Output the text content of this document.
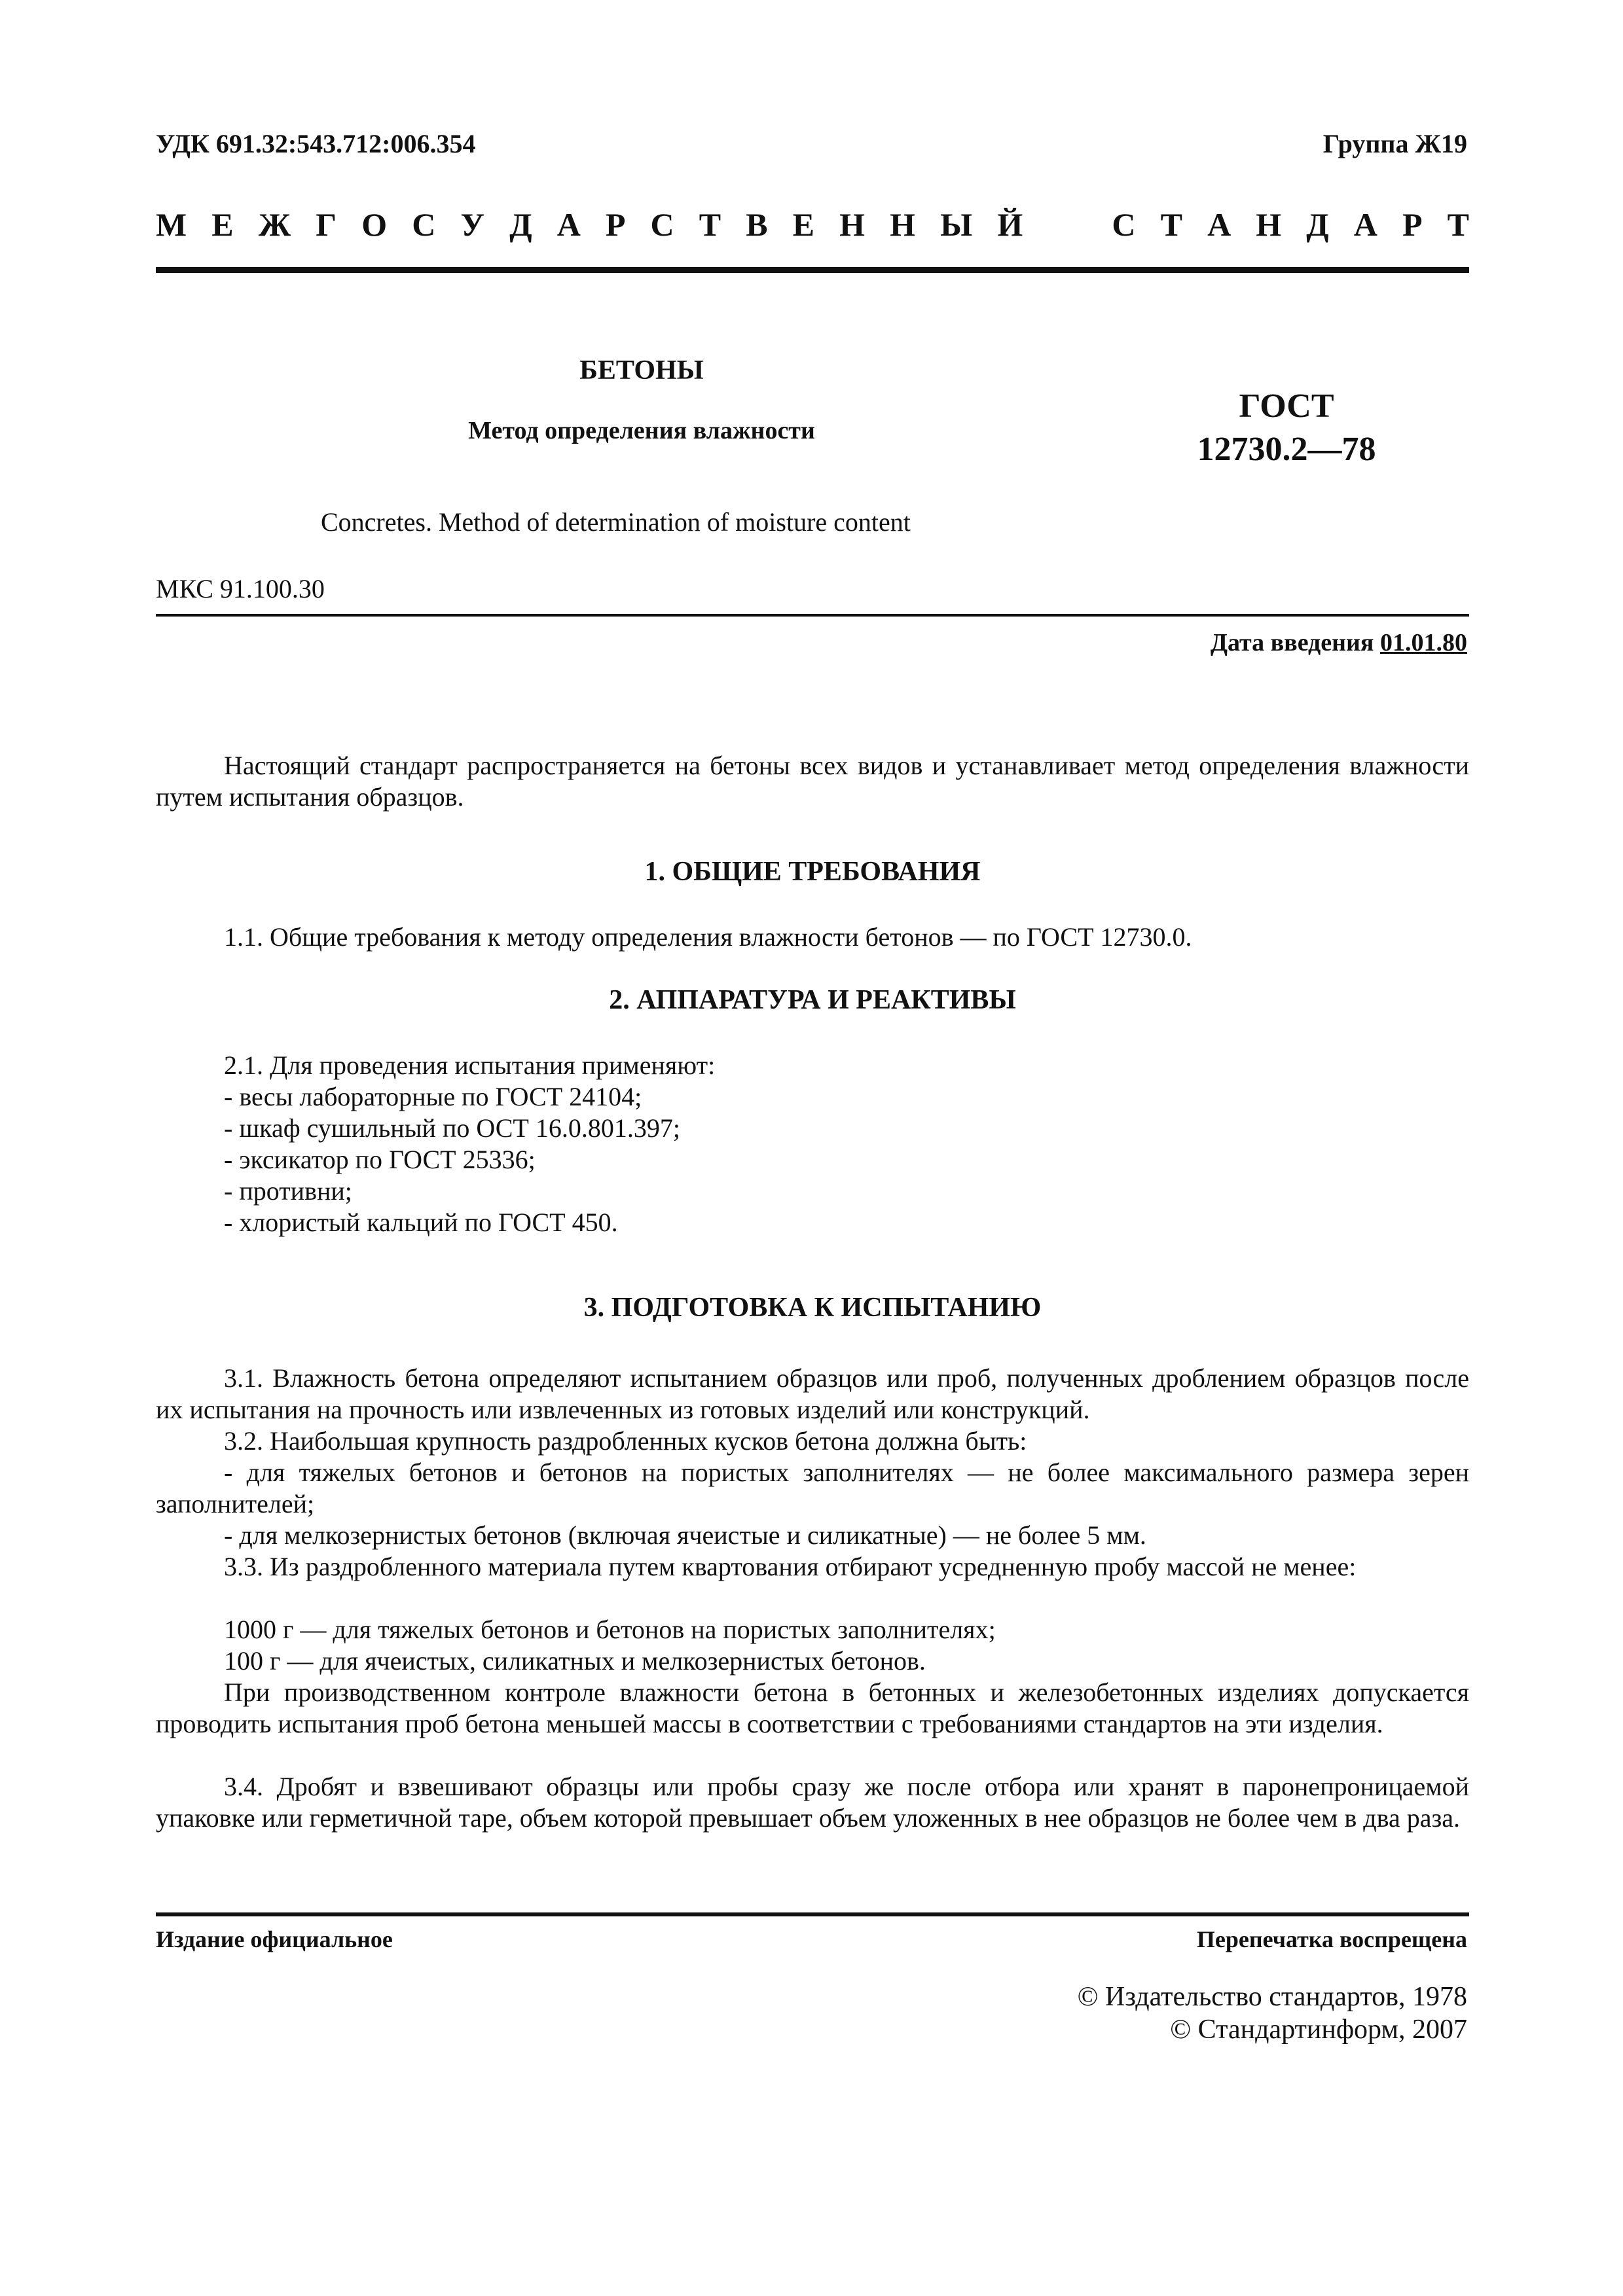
УДК 691.32:543.712:006.354	Группа Ж19
М Е Ж Г О С У Д А Р С Т В Е Н Н Ы Й	С Т А Н Д А Р Т
БЕТОНЫ
Метод определения влажности
ГОСТ
12730.2—78
Concretes. Method of determination of moisture content
МКС 91.100.30
Дата введения 01.01.80
Настоящий стандарт распространяется на бетоны всех видов и устанавливает метод определения влажности путем испытания образцов.
1. ОБЩИЕ ТРЕБОВАНИЯ
1.1. Общие требования к методу определения влажности бетонов — по ГОСТ 12730.0.
2. АППАРАТУРА И РЕАКТИВЫ
2.1. Для проведения испытания применяют:
- весы лабораторные по ГОСТ 24104;
- шкаф сушильный по ОСТ 16.0.801.397;
- эксикатор по ГОСТ 25336;
- противни;
- хлористый кальций по ГОСТ 450.
3. ПОДГОТОВКА К ИСПЫТАНИЮ
3.1. Влажность бетона определяют испытанием образцов или проб, полученных дроблением образцов после их испытания на прочность или извлеченных из готовых изделий или конструкций.
3.2. Наибольшая крупность раздробленных кусков бетона должна быть:
- для тяжелых бетонов и бетонов на пористых заполнителях — не более максимального размера зерен заполнителей;
- для мелкозернистых бетонов (включая ячеистые и силикатные) — не более 5 мм.
3.3. Из раздробленного материала путем квартования отбирают усредненную пробу массой не менее:
1000 г — для тяжелых бетонов и бетонов на пористых заполнителях;
100 г — для ячеистых, силикатных и мелкозернистых бетонов.
При производственном контроле влажности бетона в бетонных и железобетонных изделиях допускается проводить испытания проб бетона меньшей массы в соответствии с требованиями стандартов на эти изделия.
3.4. Дробят и взвешивают образцы или пробы сразу же после отбора или хранят в паронепроницаемой упаковке или герметичной таре, объем которой превышает объем уложенных в нее образцов не более чем в два раза.
Издание официальное	Перепечатка воспрещена
© Издательство стандартов, 1978
© Стандартинформ, 2007
